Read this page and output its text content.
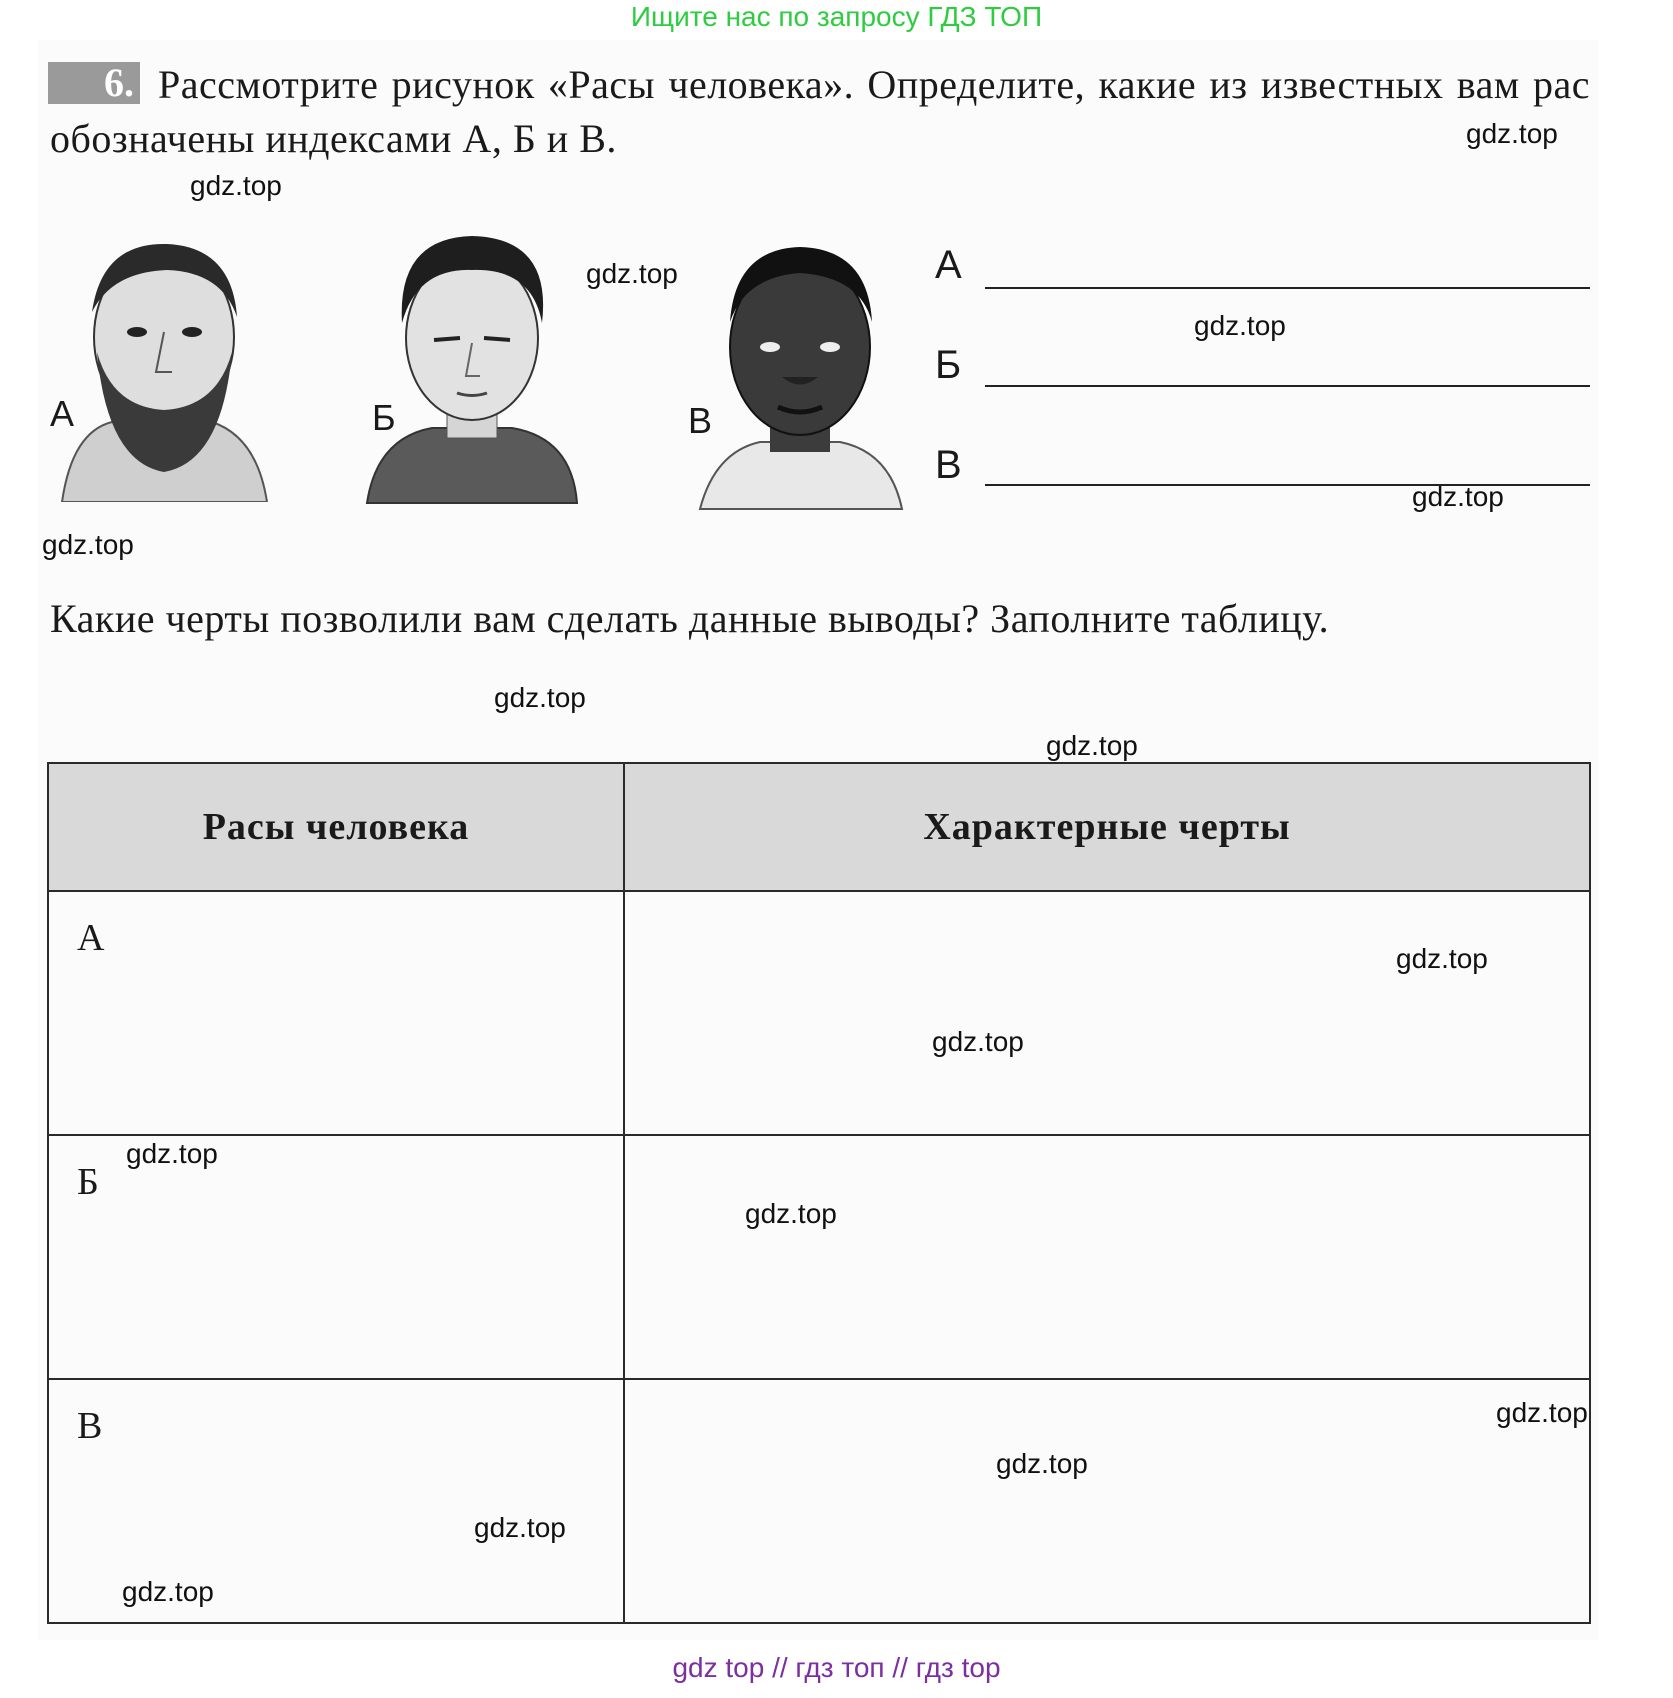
Ищите нас по запросу ГДЗ ТОП
6. Рассмотрите рисунок «Расы человека». Определите, какие из известных вам рас обозначены индексами А, Б и В.
А	Б	В
А
Б
В
Какие черты позволили вам сделать данные выводы? Заполните таблицу.
Расы человека	Характерные черты
А	
Б	
В	
gdz.top
gdz.top
gdz.top
gdz.top
gdz.top
gdz.top
gdz.top
gdz.top
gdz.top
gdz.top
gdz.top
gdz.top
gdz.top
gdz.top
gdz.top
gdz.top
gdz top // гдз топ // гдз top
